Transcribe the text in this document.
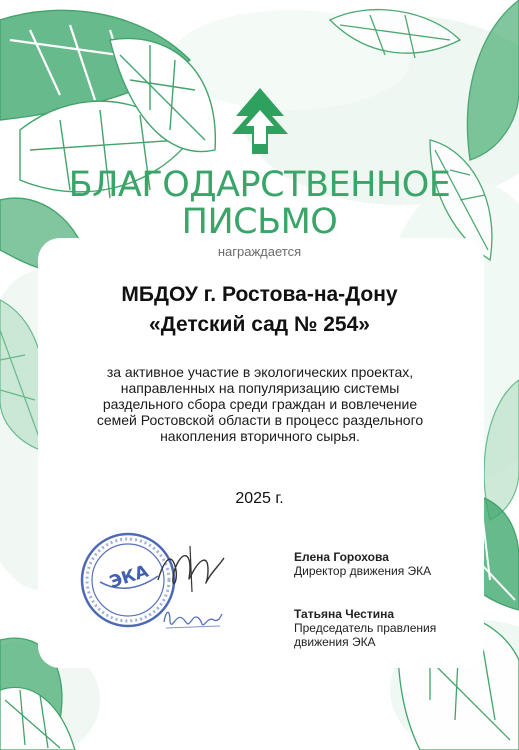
БЛАГОДАРСТВЕННОЕ
ПИСЬМО
награждается
МБДОУ г. Ростова-на-Дону
«Детский сад № 254»
за активное участие в экологических проектах,
направленных на популяризацию системы
раздельного сбора среди граждан и вовлечение
семей Ростовской области в процесс раздельного
накопления вторичного сырья.
2025 г.
ЭКА
Елена Горохова
Директор движения ЭКА
Татьяна Честина
Председатель правления
движения ЭКА
